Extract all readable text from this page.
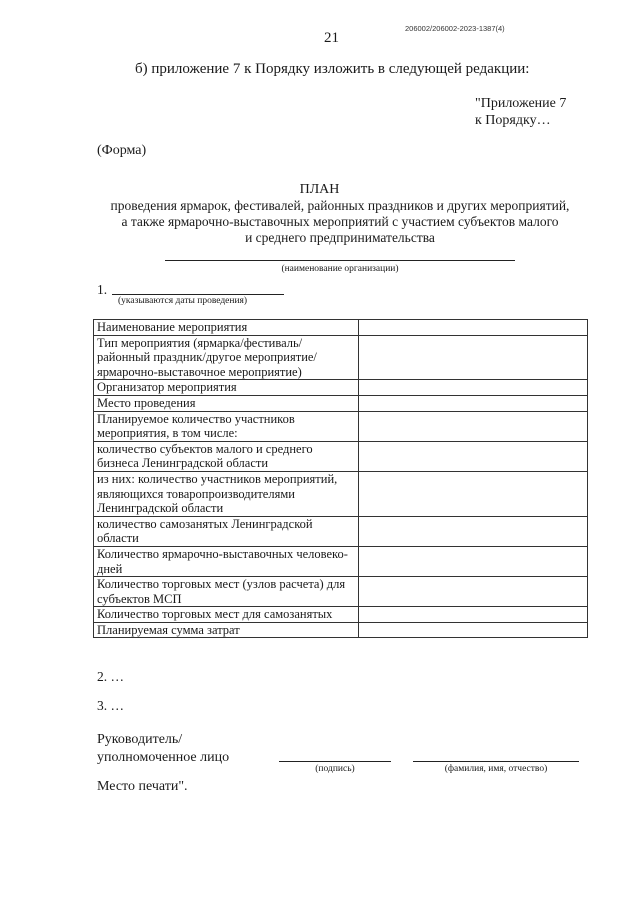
206002/206002-2023-1387(4)
21
б) приложение 7 к Порядку изложить в следующей редакции:
"Приложение 7
к Порядку…
(Форма)
ПЛАН
проведения ярмарок, фестивалей, районных праздников и других мероприятий,
а также ярмарочно-выставочных мероприятий с участием субъектов малого
и среднего предпринимательства
(наименование организации)
1.
(указываются даты проведения)
Наименование мероприятия	
Тип мероприятия (ярмарка/фестиваль/районный праздник/другое мероприятие/ярмарочно-выставочное мероприятие)	
Организатор мероприятия	
Место проведения	
Планируемое количество участников мероприятия, в том числе:	
количество субъектов малого и среднего бизнеса Ленинградской области	
из них: количество участников мероприятий, являющихся товаропроизводителями Ленинградской области	
количество самозанятых Ленинградской области	
Количество ярмарочно-выставочных человеко-дней	
Количество торговых мест (узлов расчета) для субъектов МСП	
Количество торговых мест для самозанятых	
Планируемая сумма затрат	
2. …
3. …
Руководитель/
уполномоченное лицо
(подпись)	(фамилия, имя, отчество)
Место печати".
